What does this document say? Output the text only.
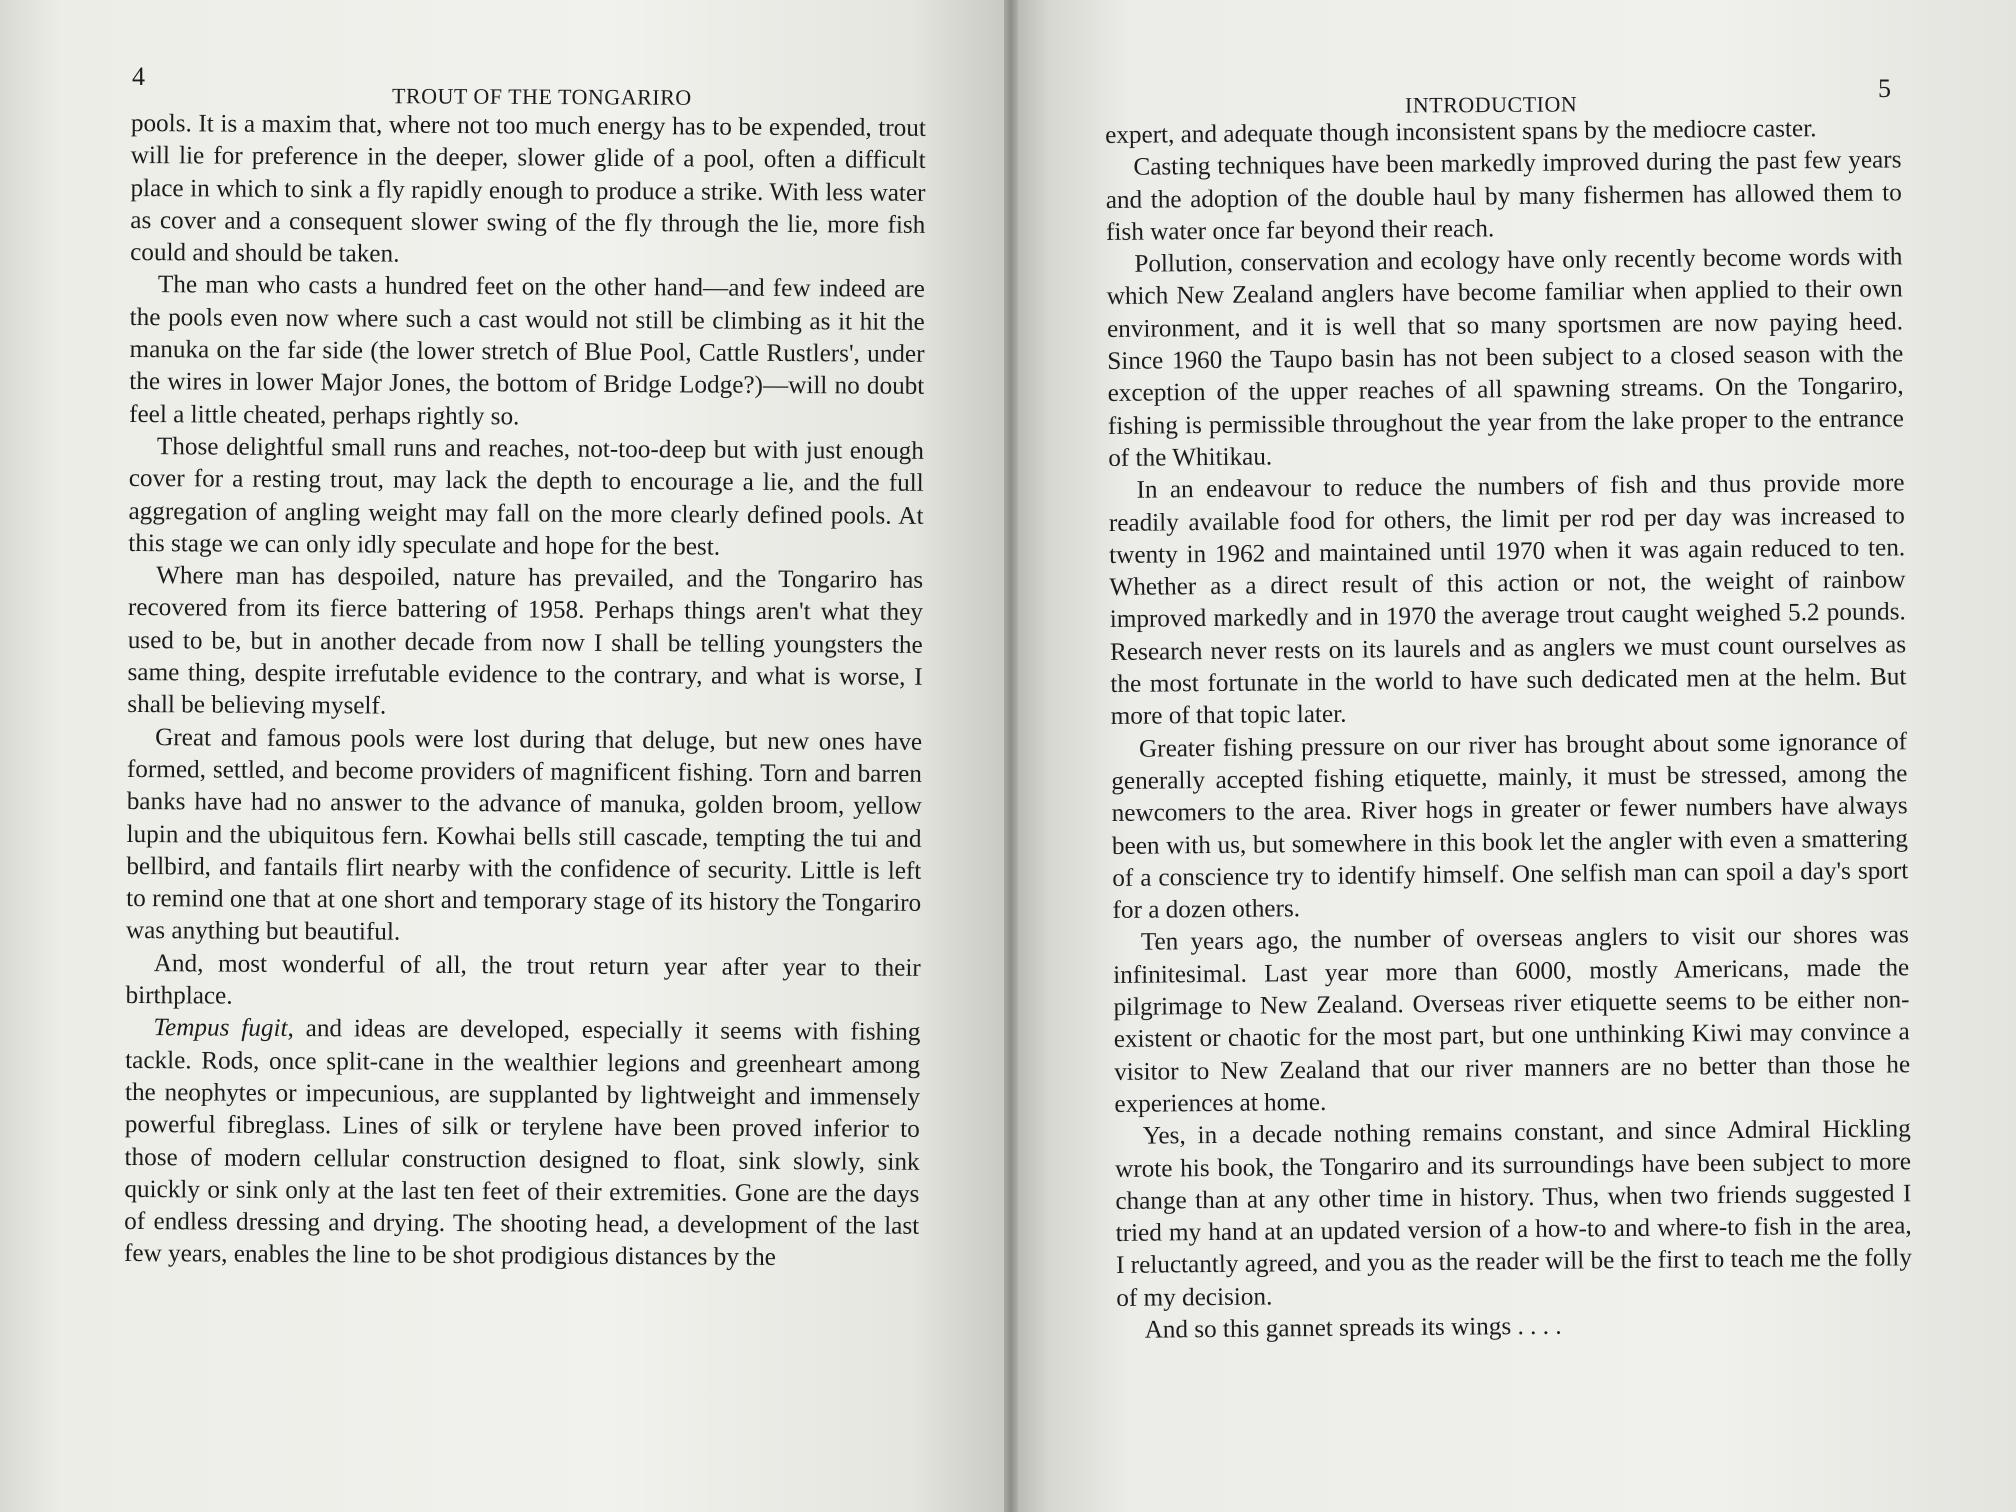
4
TROUT OF THE TONGARIRO

pools. It is a maxim that, where not too much energy has to be expended, trout will lie for preference in the deeper, slower glide of a pool, often a difficult place in which to sink a fly rapidly enough to produce a strike. With less water as cover and a consequent slower swing of the fly through the lie, more fish could and should be taken.

The man who casts a hundred feet on the other hand—and few indeed are the pools even now where such a cast would not still be climbing as it hit the manuka on the far side (the lower stretch of Blue Pool, Cattle Rustlers', under the wires in lower Major Jones, the bottom of Bridge Lodge?)—will no doubt feel a little cheated, perhaps rightly so.

Those delightful small runs and reaches, not-too-deep but with just enough cover for a resting trout, may lack the depth to encourage a lie, and the full aggregation of angling weight may fall on the more clearly defined pools. At this stage we can only idly speculate and hope for the best.

Where man has despoiled, nature has prevailed, and the Tongariro has recovered from its fierce battering of 1958. Perhaps things aren't what they used to be, but in another decade from now I shall be telling youngsters the same thing, despite irrefutable evidence to the contrary, and what is worse, I shall be believing myself.

Great and famous pools were lost during that deluge, but new ones have formed, settled, and become providers of magnificent fishing. Torn and barren banks have had no answer to the advance of manuka, golden broom, yellow lupin and the ubiquitous fern. Kowhai bells still cascade, tempting the tui and bellbird, and fantails flirt nearby with the confidence of security. Little is left to remind one that at one short and temporary stage of its history the Tongariro was anything but beautiful.

And, most wonderful of all, the trout return year after year to their birthplace.

Tempus fugit, and ideas are developed, especially it seems with fishing tackle. Rods, once split-cane in the wealthier legions and greenheart among the neophytes or impecunious, are supplanted by lightweight and immensely powerful fibreglass. Lines of silk or terylene have been proved inferior to those of modern cellular construction designed to float, sink slowly, sink quickly or sink only at the last ten feet of their extremities. Gone are the days of endless dressing and drying. The shooting head, a development of the last few years, enables the line to be shot prodigious distances by the

INTRODUCTION
5

expert, and adequate though inconsistent spans by the mediocre caster.

Casting techniques have been markedly improved during the past few years and the adoption of the double haul by many fishermen has allowed them to fish water once far beyond their reach.

Pollution, conservation and ecology have only recently become words with which New Zealand anglers have become familiar when applied to their own environment, and it is well that so many sportsmen are now paying heed. Since 1960 the Taupo basin has not been subject to a closed season with the exception of the upper reaches of all spawning streams. On the Tongariro, fishing is permissible throughout the year from the lake proper to the entrance of the Whitikau.

In an endeavour to reduce the numbers of fish and thus provide more readily available food for others, the limit per rod per day was increased to twenty in 1962 and maintained until 1970 when it was again reduced to ten. Whether as a direct result of this action or not, the weight of rainbow improved markedly and in 1970 the average trout caught weighed 5.2 pounds. Research never rests on its laurels and as anglers we must count ourselves as the most fortunate in the world to have such dedicated men at the helm. But more of that topic later.

Greater fishing pressure on our river has brought about some ignorance of generally accepted fishing etiquette, mainly, it must be stressed, among the newcomers to the area. River hogs in greater or fewer numbers have always been with us, but somewhere in this book let the angler with even a smattering of a conscience try to identify himself. One selfish man can spoil a day's sport for a dozen others.

Ten years ago, the number of overseas anglers to visit our shores was infinitesimal. Last year more than 6000, mostly Americans, made the pilgrimage to New Zealand. Overseas river etiquette seems to be either non-existent or chaotic for the most part, but one unthinking Kiwi may convince a visitor to New Zealand that our river manners are no better than those he experiences at home.

Yes, in a decade nothing remains constant, and since Admiral Hickling wrote his book, the Tongariro and its surroundings have been subject to more change than at any other time in history. Thus, when two friends suggested I tried my hand at an updated version of a how-to and where-to fish in the area, I reluctantly agreed, and you as the reader will be the first to teach me the folly of my decision.

And so this gannet spreads its wings . . . .
